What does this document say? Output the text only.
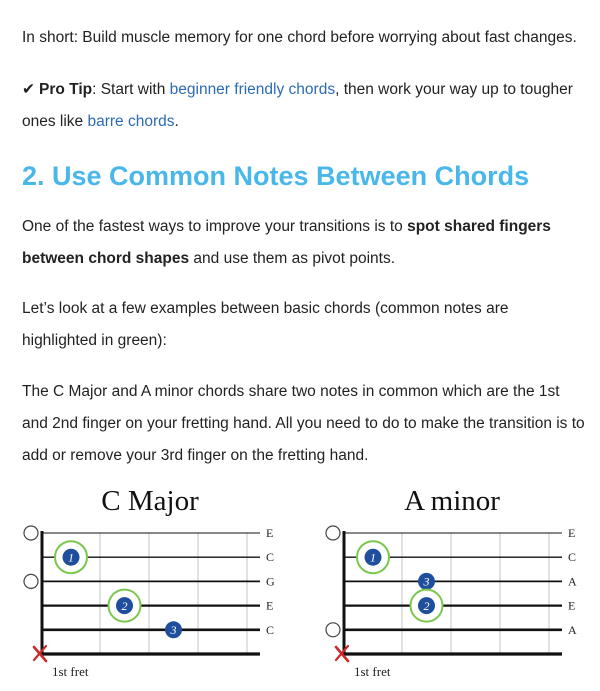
In short: Build muscle memory for one chord before worrying about fast changes.

✔ Pro Tip: Start with beginner friendly chords, then work your way up to tougher ones like barre chords.

2. Use Common Notes Between Chords

One of the fastest ways to improve your transitions is to spot shared fingers between chord shapes and use them as pivot points.

Let’s look at a few examples between basic chords (common notes are highlighted in green):

The C Major and A minor chords share two notes in common which are the 1st and 2nd finger on your fretting hand. All you need to do to make the transition is to add or remove your 3rd finger on the fretting hand.

C Major
E
C
G
E
C
1
2
3
1st fret
A minor
E
C
A
E
A
1
3
2
1st fret
